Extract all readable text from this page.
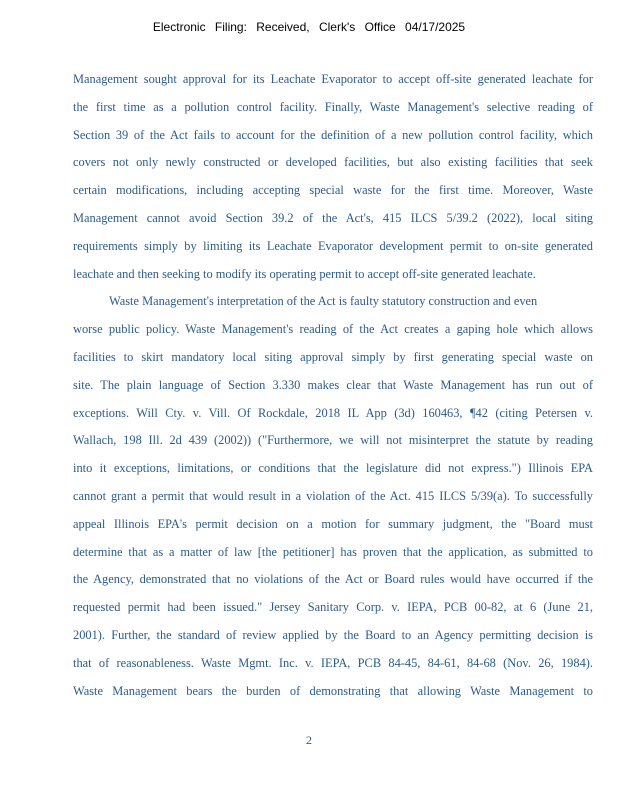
Electronic Filing: Received, Clerk's Office 04/17/2025
Management sought approval for its Leachate Evaporator to accept off-site generated leachate for
the first time as a pollution control facility. Finally, Waste Management's selective reading of
Section 39 of the Act fails to account for the definition of a new pollution control facility, which
covers not only newly constructed or developed facilities, but also existing facilities that seek
certain modifications, including accepting special waste for the first time. Moreover, Waste
Management cannot avoid Section 39.2 of the Act's, 415 ILCS 5/39.2 (2022), local siting
requirements simply by limiting its Leachate Evaporator development permit to on-site generated
leachate and then seeking to modify its operating permit to accept off-site generated leachate.
Waste Management's interpretation of the Act is faulty statutory construction and even
worse public policy. Waste Management's reading of the Act creates a gaping hole which allows
facilities to skirt mandatory local siting approval simply by first generating special waste on
site. The plain language of Section 3.330 makes clear that Waste Management has run out of
exceptions. Will Cty. v. Vill. Of Rockdale, 2018 IL App (3d) 160463, ¶42 (citing Petersen v.
Wallach, 198 Ill. 2d 439 (2002)) ("Furthermore, we will not misinterpret the statute by reading
into it exceptions, limitations, or conditions that the legislature did not express.") Illinois EPA
cannot grant a permit that would result in a violation of the Act. 415 ILCS 5/39(a). To successfully
appeal Illinois EPA's permit decision on a motion for summary judgment, the "Board must
determine that as a matter of law [the petitioner] has proven that the application, as submitted to
the Agency, demonstrated that no violations of the Act or Board rules would have occurred if the
requested permit had been issued." Jersey Sanitary Corp. v. IEPA, PCB 00-82, at 6 (June 21,
2001). Further, the standard of review applied by the Board to an Agency permitting decision is
that of reasonableness. Waste Mgmt. Inc. v. IEPA, PCB 84-45, 84-61, 84-68 (Nov. 26, 1984).
Waste Management bears the burden of demonstrating that allowing Waste Management to
2
